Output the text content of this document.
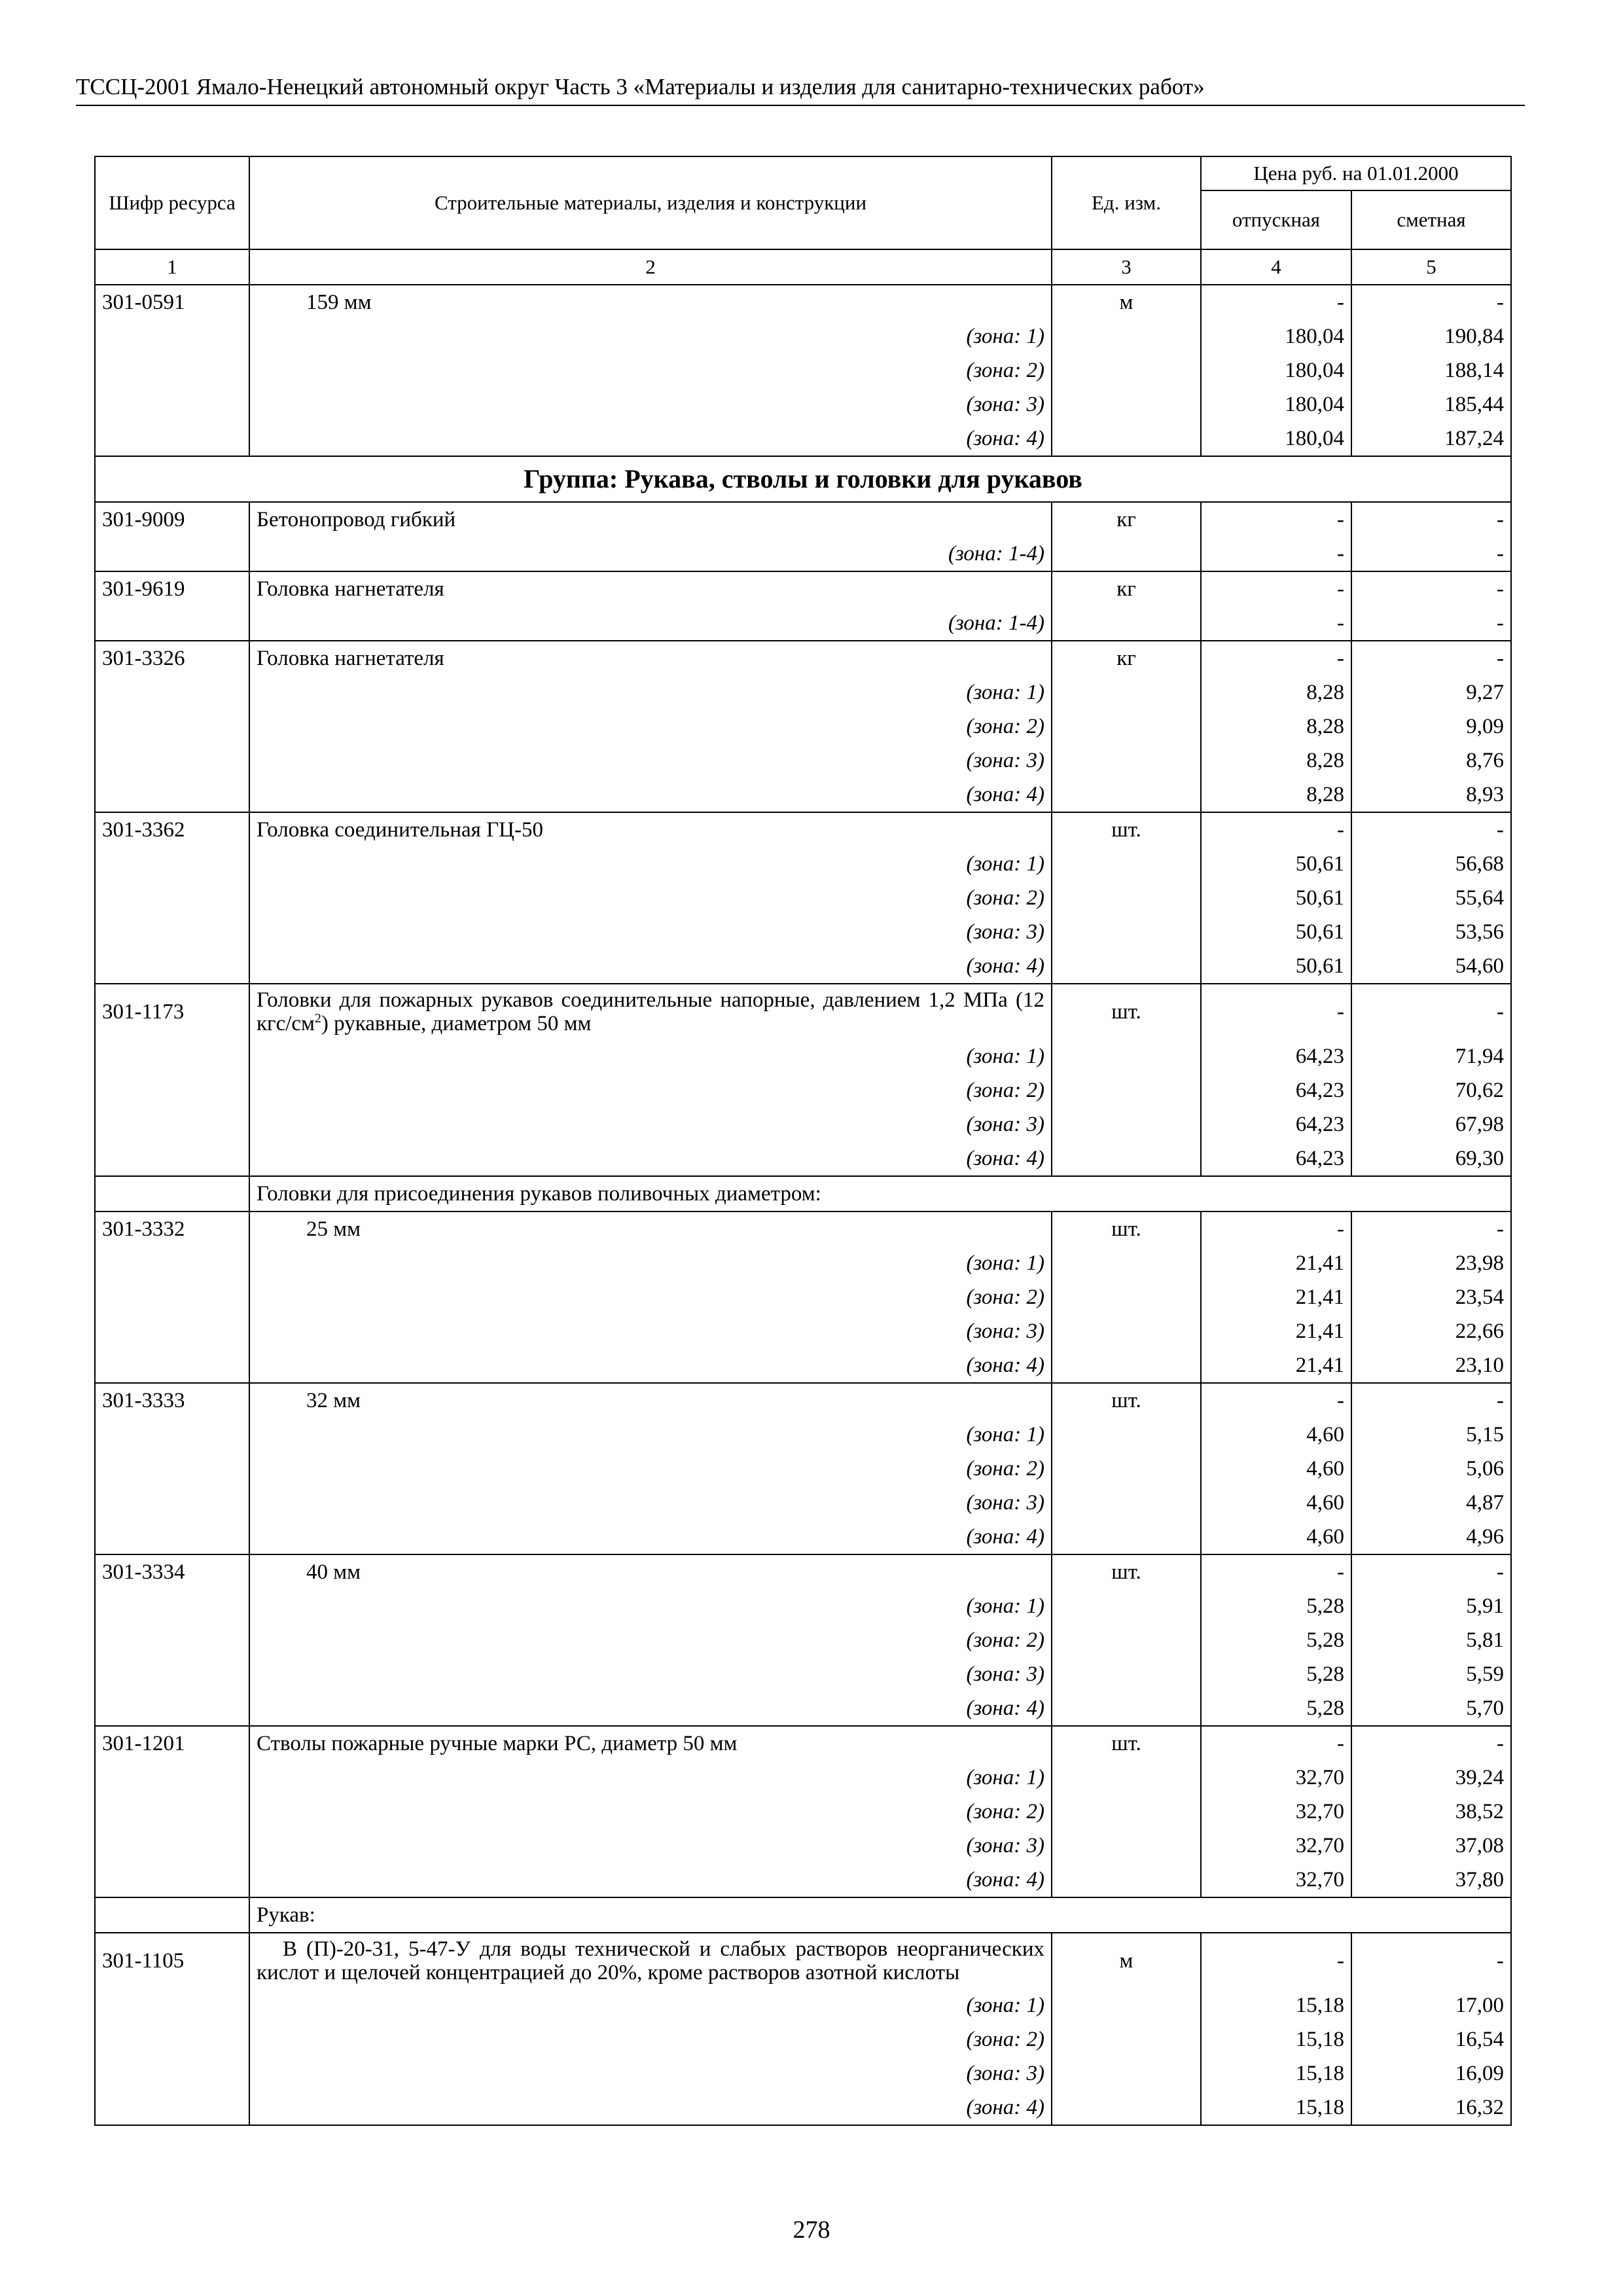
ТССЦ-2001 Ямало-Ненецкий автономный округ Часть 3 «Материалы и изделия для санитарно-технических работ»
Шифр ресурса	Строительные материалы, изделия и конструкции	Ед. изм.	Цена руб. на 01.01.2000	
			отпускная	сметная
1	2	3	4	5
301-0591	159 мм	м	-	-
	(зона: 1)		180,04	190,84
	(зона: 2)		180,04	188,14
	(зона: 3)		180,04	185,44
	(зона: 4)		180,04	187,24
Группа: Рукава, стволы и головки для рукавов				
301-9009	Бетонопровод гибкий	кг	-	-
	(зона: 1-4)		-	-
301-9619	Головка нагнетателя	кг	-	-
	(зона: 1-4)		-	-
301-3326	Головка нагнетателя	кг	-	-
	(зона: 1)		8,28	9,27
	(зона: 2)		8,28	9,09
	(зона: 3)		8,28	8,76
	(зона: 4)		8,28	8,93
301-3362	Головка соединительная ГЦ-50	шт.	-	-
	(зона: 1)		50,61	56,68
	(зона: 2)		50,61	55,64
	(зона: 3)		50,61	53,56
	(зона: 4)		50,61	54,60
301-1173	Головки для пожарных рукавов соединительные напорные, давлением 1,2 МПа (12 кгс/$см^2$) рукавные, диаметром 50 мм	шт.	-	-
	(зона: 1)		64,23	71,94
	(зона: 2)		64,23	70,62
	(зона: 3)		64,23	67,98
	(зона: 4)		64,23	69,30
	Головки для присоединения рукавов поливочных диаметром:			
301-3332	25 мм	шт.	-	-
	(зона: 1)		21,41	23,98
	(зона: 2)		21,41	23,54
	(зона: 3)		21,41	22,66
	(зона: 4)		21,41	23,10
301-3333	32 мм	шт.	-	-
	(зона: 1)		4,60	5,15
	(зона: 2)		4,60	5,06
	(зона: 3)		4,60	4,87
	(зона: 4)		4,60	4,96
301-3334	40 мм	шт.	-	-
	(зона: 1)		5,28	5,91
	(зона: 2)		5,28	5,81
	(зона: 3)		5,28	5,59
	(зона: 4)		5,28	5,70
301-1201	Стволы пожарные ручные марки РС, диаметр 50 мм	шт.	-	-
	(зона: 1)		32,70	39,24
	(зона: 2)		32,70	38,52
	(зона: 3)		32,70	37,08
	(зона: 4)		32,70	37,80
	Рукав:			
301-1105	В (П)-20-31, 5-47-У для воды технической и слабых растворов неорганических кислот и щелочей концентрацией до 20%, кроме растворов азотной кислоты	м	-	-
	(зона: 1)		15,18	17,00
	(зона: 2)		15,18	16,54
	(зона: 3)		15,18	16,09
	(зона: 4)		15,18	16,32
278
